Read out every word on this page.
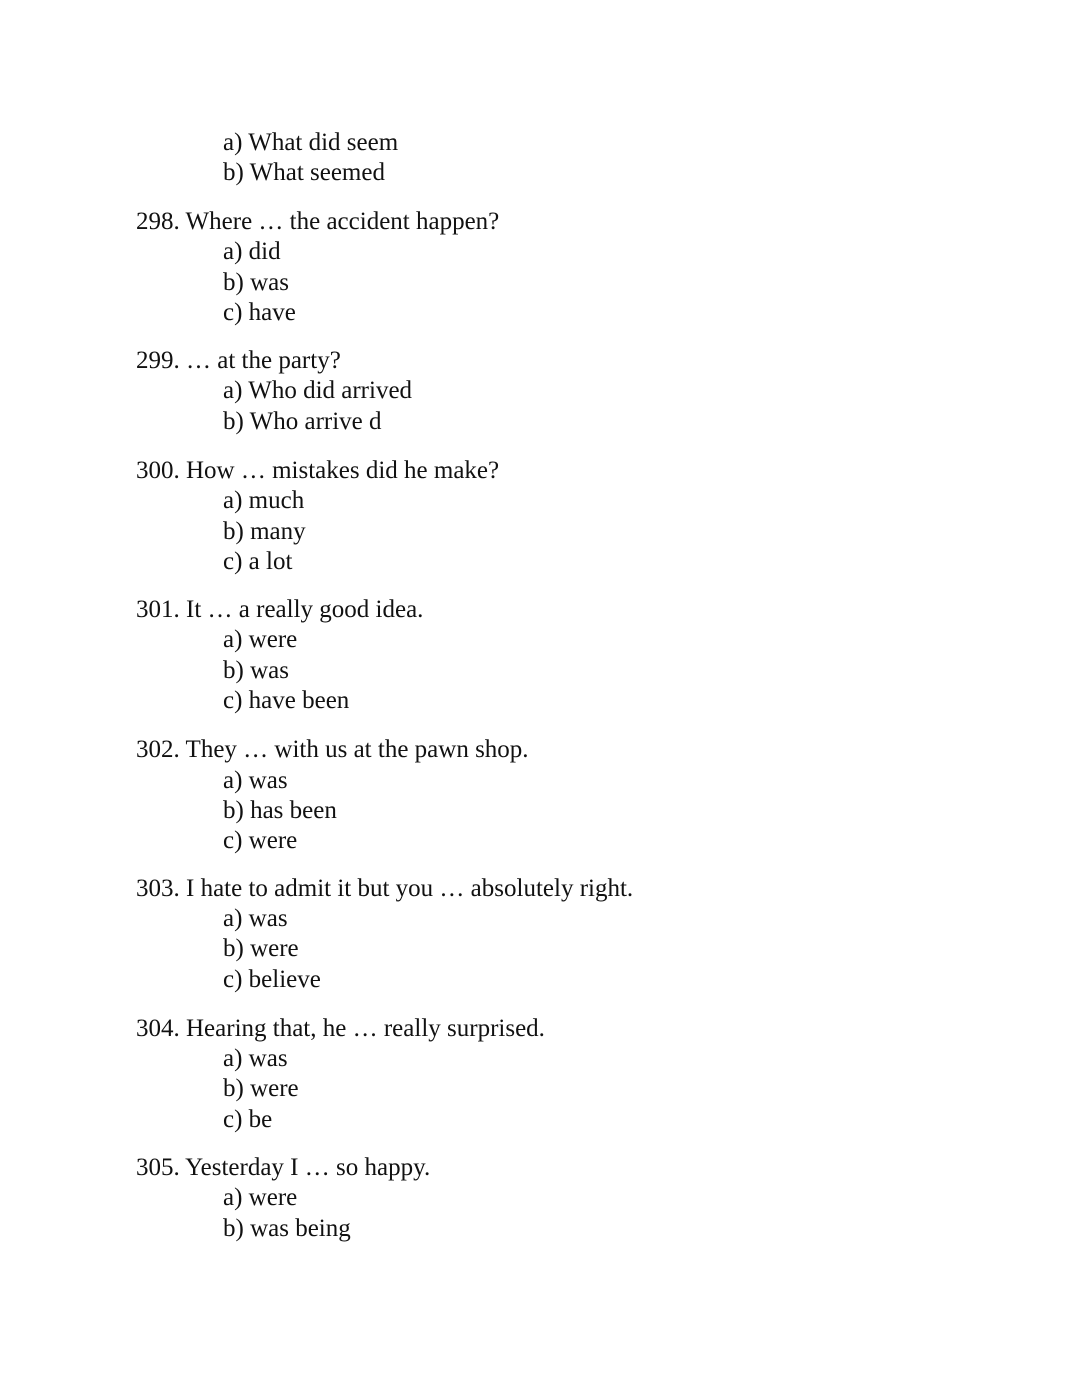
a) What did seem
b) What seemed
298. Where … the accident happen?
a) did
b) was
c) have
299. … at the party?
a) Who did arrived
b) Who arrive d
300. How … mistakes did he make?
a) much
b) many
c) a lot
301. It … a really good idea.
a) were
b) was
c) have been
302. They … with us at the pawn shop.
a) was
b) has been
c) were
303. I hate to admit it but you … absolutely right.
a) was
b) were
c) believe
304. Hearing that, he … really surprised.
a) was
b) were
c) be
305. Yesterday I … so happy.
a) were
b) was being
